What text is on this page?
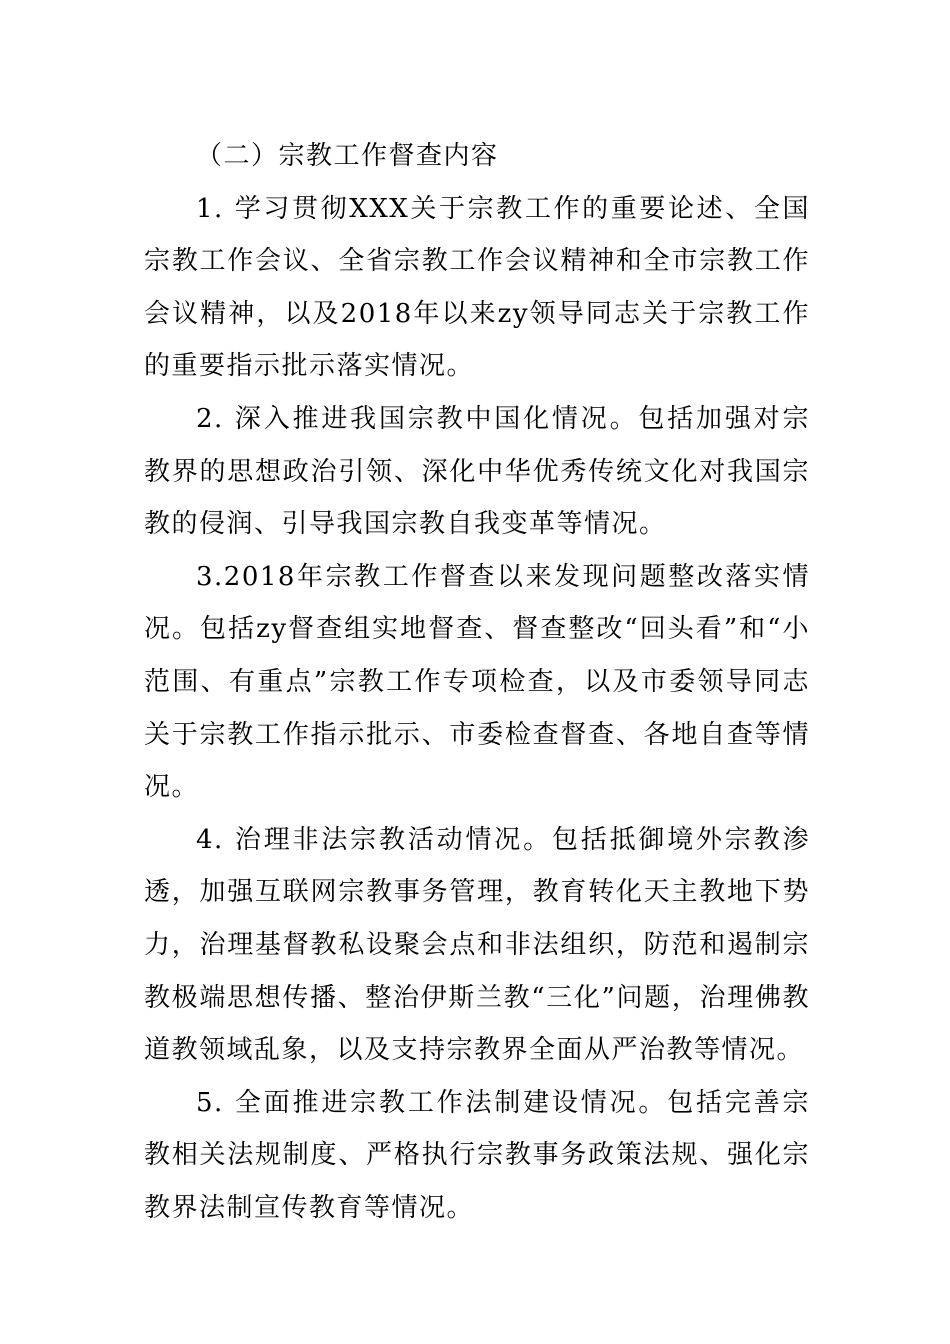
（二）宗教工作督查内容

1. 学习贯彻XXX关于宗教工作的重要论述、全国宗教工作会议、全省宗教工作会议精神和全市宗教工作会议精神，以及2018年以来zy领导同志关于宗教工作的重要指示批示落实情况。

2. 深入推进我国宗教中国化情况。包括加强对宗教界的思想政治引领、深化中华优秀传统文化对我国宗教的侵润、引导我国宗教自我变革等情况。

3.2018年宗教工作督查以来发现问题整改落实情况。包括zy督查组实地督查、督查整改“回头看”和“小范围、有重点”宗教工作专项检查，以及市委领导同志关于宗教工作指示批示、市委检查督查、各地自查等情况。

4. 治理非法宗教活动情况。包括抵御境外宗教渗透，加强互联网宗教事务管理，教育转化天主教地下势力，治理基督教私设聚会点和非法组织，防范和遏制宗教极端思想传播、整治伊斯兰教“三化”问题，治理佛教道教领域乱象，以及支持宗教界全面从严治教等情况。

5. 全面推进宗教工作法制建设情况。包括完善宗教相关法规制度、严格执行宗教事务政策法规、强化宗教界法制宣传教育等情况。
